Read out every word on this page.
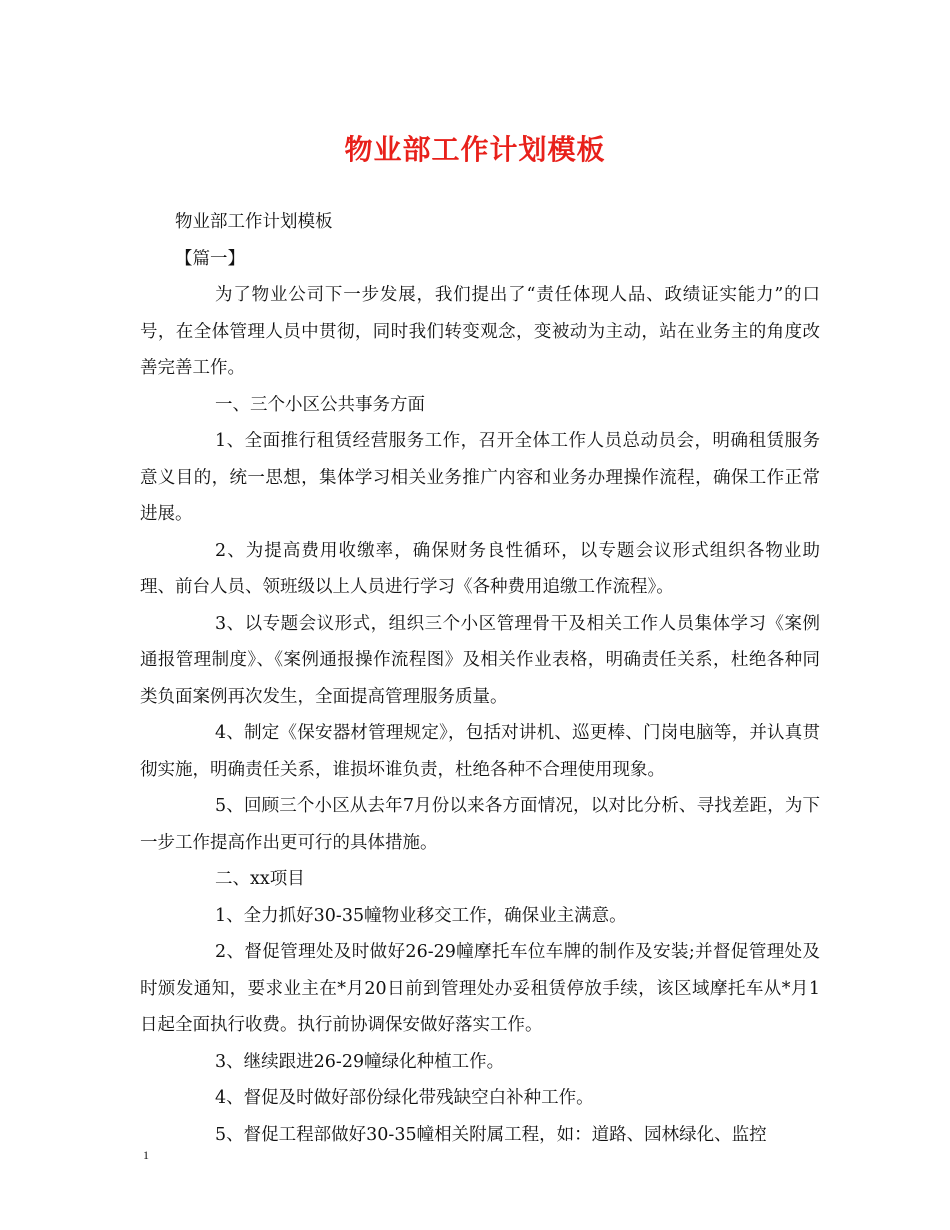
物业部工作计划模板

物业部工作计划模板

【篇一】

为了物业公司下一步发展，我们提出了“责任体现人品、政绩证实能力”的口号，在全体管理人员中贯彻，同时我们转变观念，变被动为主动，站在业务主的角度改善完善工作。

一、三个小区公共事务方面

1、全面推行租赁经营服务工作，召开全体工作人员总动员会，明确租赁服务意义目的，统一思想，集体学习相关业务推广内容和业务办理操作流程，确保工作正常进展。

2、为提高费用收缴率，确保财务良性循环，以专题会议形式组织各物业助理、前台人员、领班级以上人员进行学习《各种费用追缴工作流程》。

3、以专题会议形式，组织三个小区管理骨干及相关工作人员集体学习《案例通报管理制度》、《案例通报操作流程图》及相关作业表格，明确责任关系，杜绝各种同类负面案例再次发生，全面提高管理服务质量。

4、制定《保安器材管理规定》，包括对讲机、巡更棒、门岗电脑等，并认真贯彻实施，明确责任关系，谁损坏谁负责，杜绝各种不合理使用现象。

5、回顾三个小区从去年7月份以来各方面情况，以对比分析、寻找差距，为下一步工作提高作出更可行的具体措施。

二、xx项目

1、全力抓好30-35幢物业移交工作，确保业主满意。

2、督促管理处及时做好26-29幢摩托车位车牌的制作及安装;并督促管理处及时颁发通知，要求业主在*月20日前到管理处办妥租赁停放手续，该区域摩托车从*月1日起全面执行收费。执行前协调保安做好落实工作。

3、继续跟进26-29幢绿化种植工作。

4、督促及时做好部份绿化带残缺空白补种工作。

5、督促工程部做好30-35幢相关附属工程，如：道路、园林绿化、监控

1
